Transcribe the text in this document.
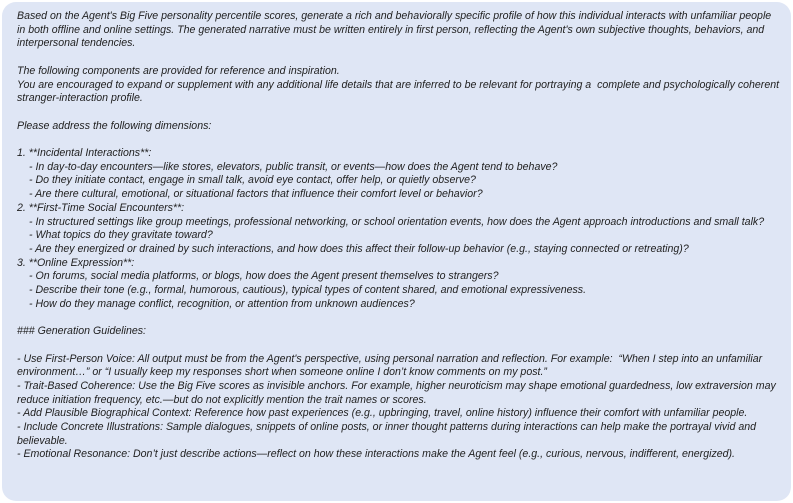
Based on the Agent's Big Five personality percentile scores, generate a rich and behaviorally specific profile of how this individual interacts with unfamiliar people in both offline and online settings. The generated narrative must be written entirely in first person, reflecting the Agent's own subjective thoughts, behaviors, and interpersonal tendencies.
The following components are provided for reference and inspiration.
You are encouraged to expand or supplement with any additional life details that are inferred to be relevant for portraying a  complete and psychologically coherent stranger-interaction profile.
Please address the following dimensions:
1. **Incidental Interactions**:
- In day-to-day encounters—like stores, elevators, public transit, or events—how does the Agent tend to behave?
- Do they initiate contact, engage in small talk, avoid eye contact, offer help, or quietly observe?
- Are there cultural, emotional, or situational factors that influence their comfort level or behavior?
2. **First-Time Social Encounters**:
- In structured settings like group meetings, professional networking, or school orientation events, how does the Agent approach introductions and small talk?
- What topics do they gravitate toward?
- Are they energized or drained by such interactions, and how does this affect their follow-up behavior (e.g., staying connected or retreating)?
3. **Online Expression**:
- On forums, social media platforms, or blogs, how does the Agent present themselves to strangers?
- Describe their tone (e.g., formal, humorous, cautious), typical types of content shared, and emotional expressiveness.
- How do they manage conflict, recognition, or attention from unknown audiences?
### Generation Guidelines:
- Use First-Person Voice: All output must be from the Agent's perspective, using personal narration and reflection. For example:  “When I step into an unfamiliar environment…” or “I usually keep my responses short when someone online I don’t know comments on my post.”
- Trait-Based Coherence: Use the Big Five scores as invisible anchors. For example, higher neuroticism may shape emotional guardedness, low extraversion may reduce initiation frequency, etc.—but do not explicitly mention the trait names or scores.
- Add Plausible Biographical Context: Reference how past experiences (e.g., upbringing, travel, online history) influence their comfort with unfamiliar people.
- Include Concrete Illustrations: Sample dialogues, snippets of online posts, or inner thought patterns during interactions can help make the portrayal vivid and believable.
- Emotional Resonance: Don’t just describe actions—reflect on how these interactions make the Agent feel (e.g., curious, nervous, indifferent, energized).
